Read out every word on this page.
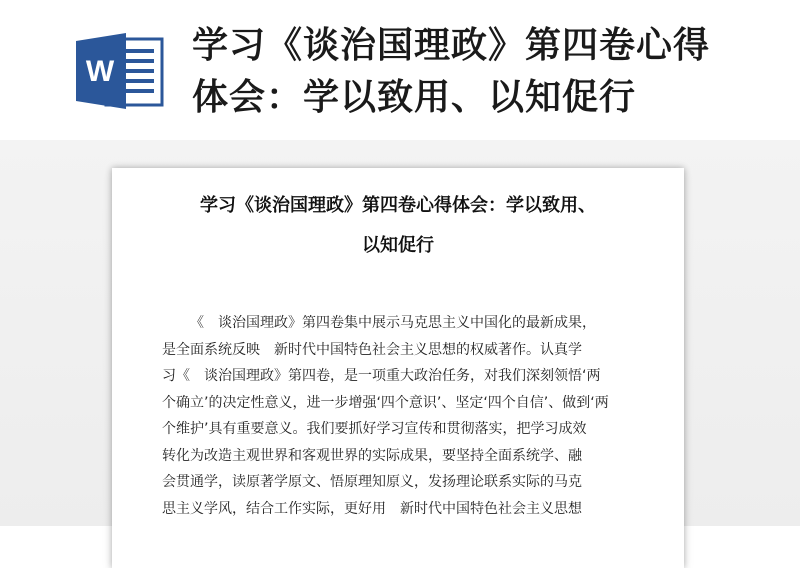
W
学习《谈治国理政》第四卷心得
体会：学以致用、以知促行
学习《谈治国理政》第四卷心得体会：学以致用、
以知促行
《　谈治国理政》第四卷集中展示马克思主义中国化的最新成果，
是全面系统反映　新时代中国特色社会主义思想的权威著作。认真学
习《　谈治国理政》第四卷，是一项重大政治任务，对我们深刻领悟‘两
个确立’的决定性意义，进一步增强‘四个意识’、坚定‘四个自信’、做到‘两
个维护’具有重要意义。我们要抓好学习宣传和贯彻落实，把学习成效
转化为改造主观世界和客观世界的实际成果，要坚持全面系统学、融
会贯通学，读原著学原文、悟原理知原义，发扬理论联系实际的马克
思主义学风，结合工作实际，更好用　新时代中国特色社会主义思想
